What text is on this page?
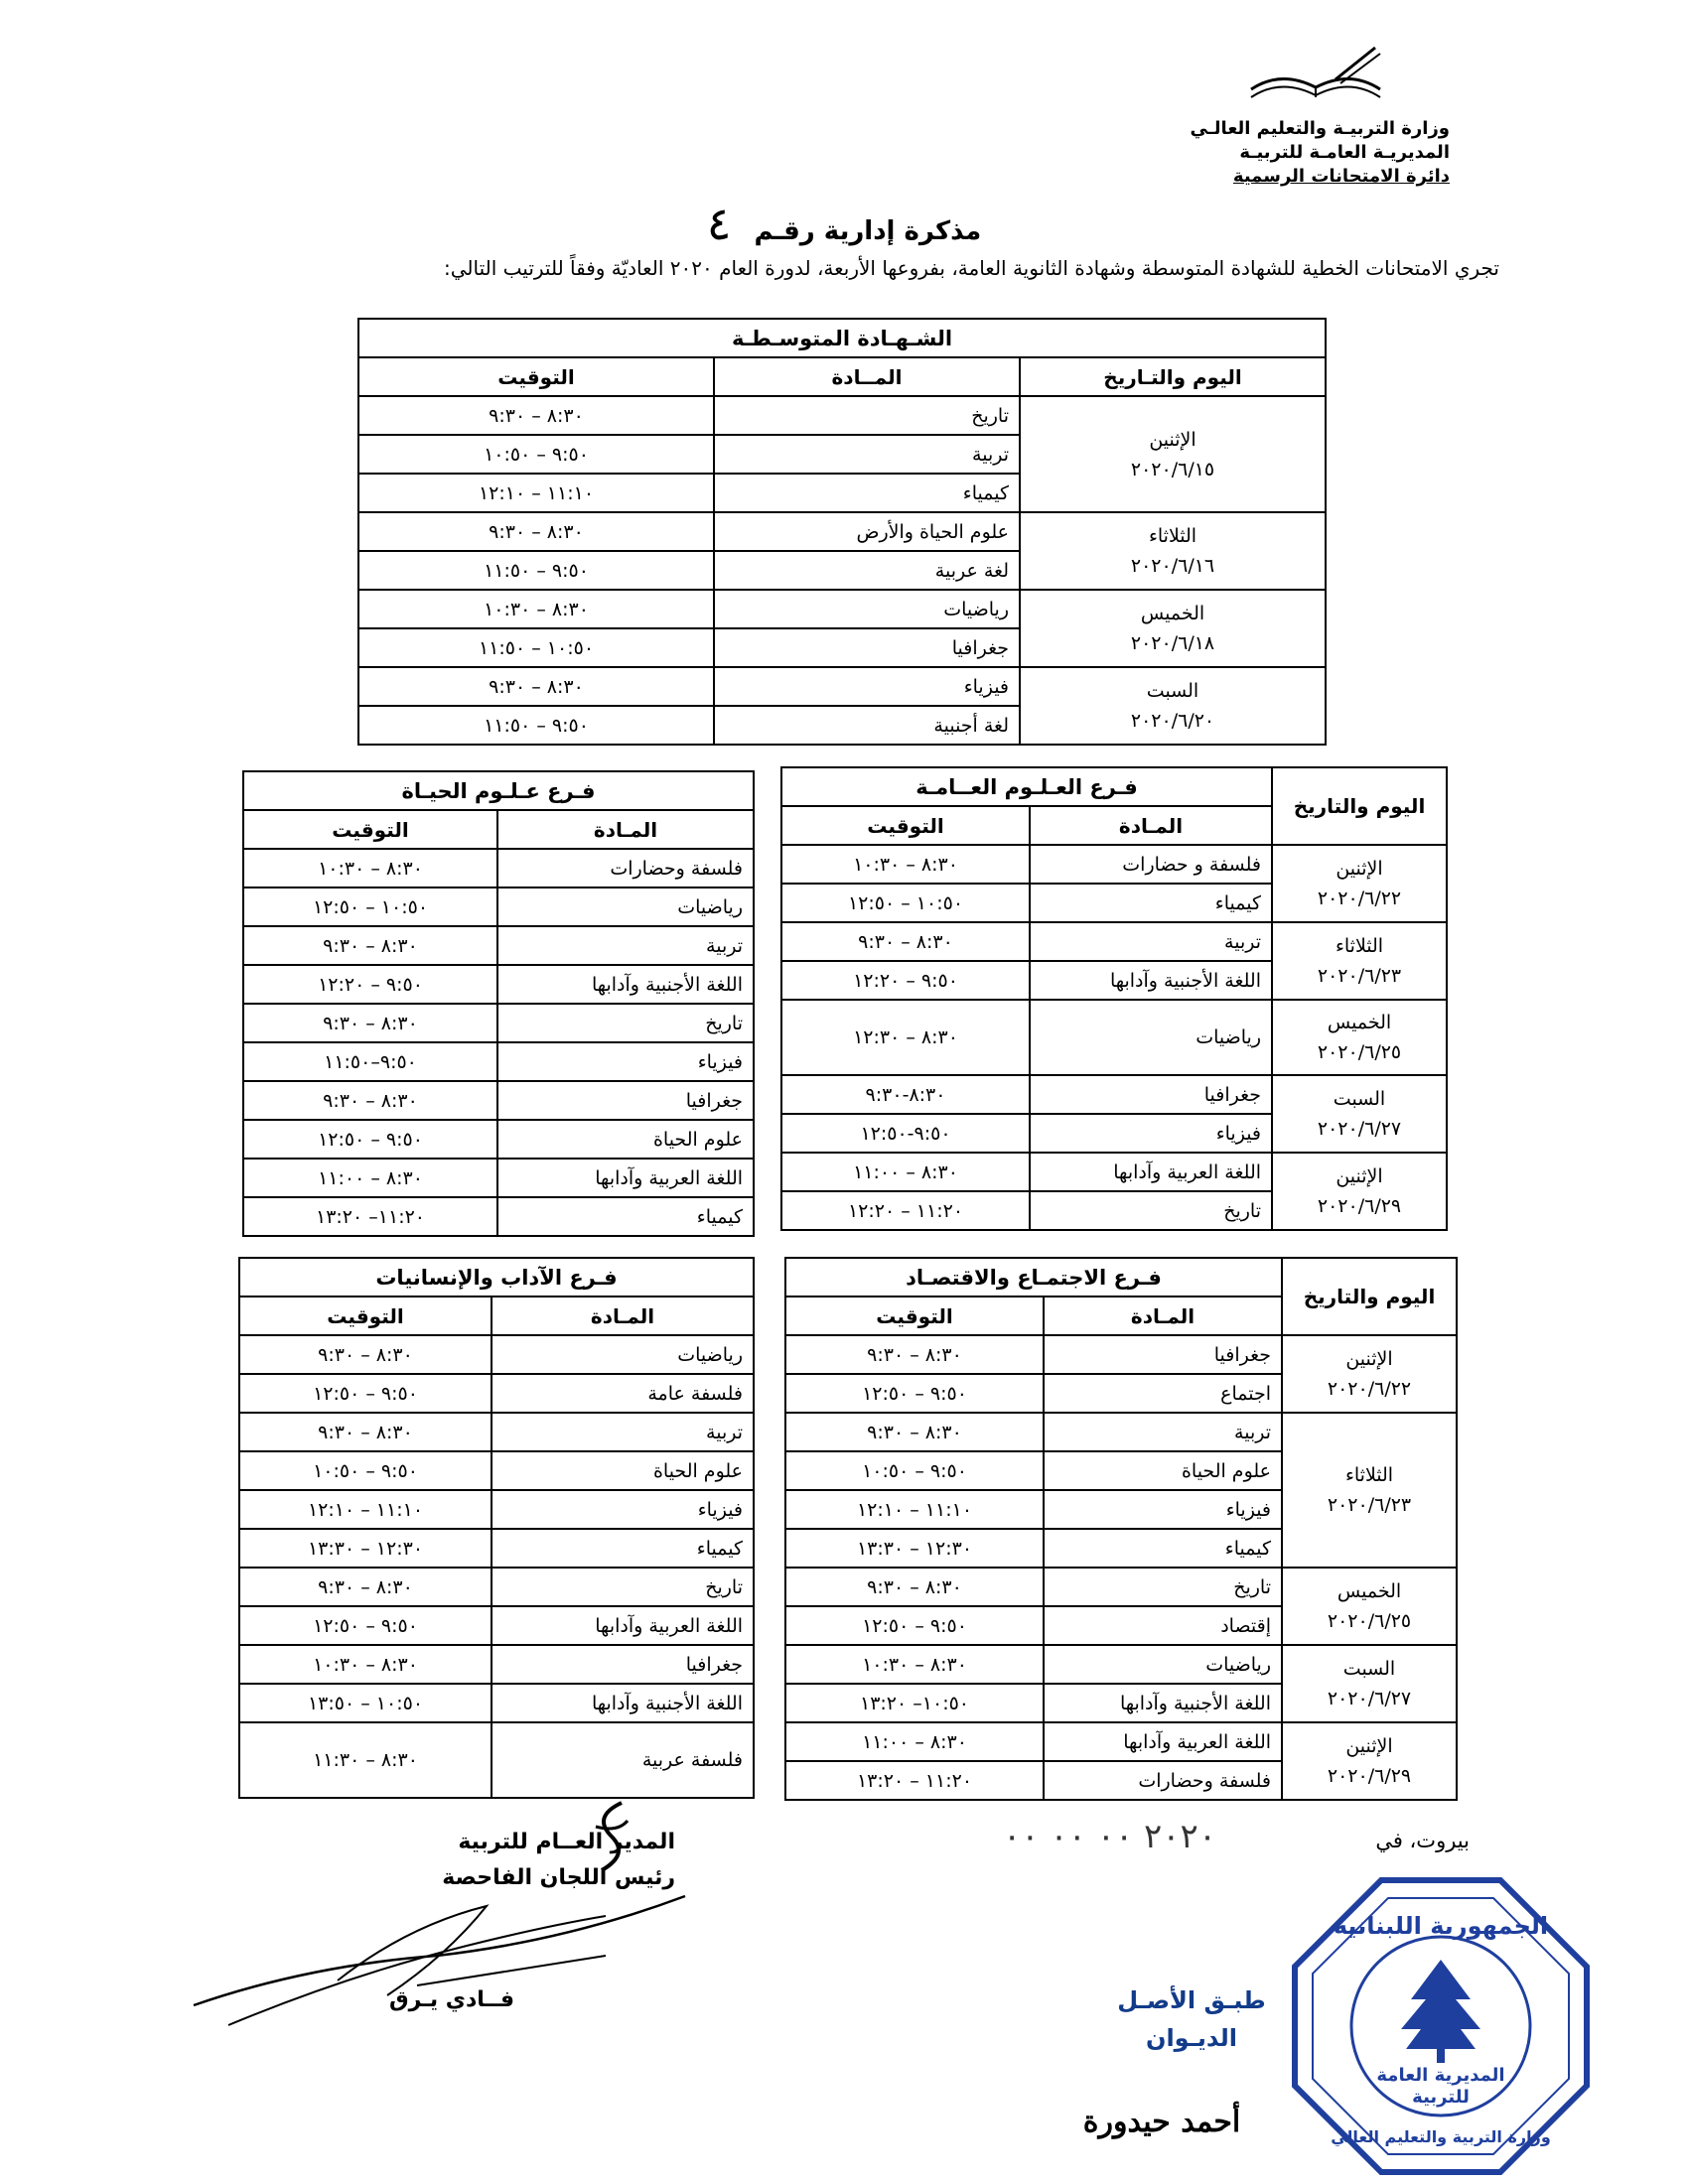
وزارة التربيـة والتعليم العالـي
المديريـة العامـة للتربيـة
دائرة الامتحانات الرسمية
مذكرة إدارية رقـم ٤
تجري الامتحانات الخطية للشهادة المتوسطة وشهادة الثانوية العامة، بفروعها الأربعة، لدورة العام ٢٠٢٠ العاديّة وفقاً للترتيب التالي:
الشـهـادة المتوسـطـة		
اليوم والتـاريخ	المــادة	التوقيت

الإثنين
٢٠٢٠/٦/١٥	تاريخ	٨:٣٠ – ٩:٣٠
	تربية	٩:٥٠ – ١٠:٥٠
	كيمياء	١١:١٠ – ١٢:١٠

الثلاثاء
٢٠٢٠/٦/١٦	علوم الحياة والأرض	٨:٣٠ – ٩:٣٠
	لغة عربية	٩:٥٠ – ١١:٥٠

الخميس
٢٠٢٠/٦/١٨	رياضيات	٨:٣٠ – ١٠:٣٠
	جغرافيا	١٠:٥٠ – ١١:٥٠

السبت
٢٠٢٠/٦/٢٠	فيزياء	٨:٣٠ – ٩:٣٠
	لغة أجنبية	٩:٥٠ – ١١:٥٠
اليوم والتاريخ	فـرع العـلـوم العــامـة	
	المـادة	التوقيت

الإثنين
٢٠٢٠/٦/٢٢	فلسفة و حضارات	٨:٣٠ – ١٠:٣٠
	كيمياء	١٠:٥٠ – ١٢:٥٠

الثلاثاء
٢٠٢٠/٦/٢٣	تربية	٨:٣٠ – ٩:٣٠
	اللغة الأجنبية وآدابها	٩:٥٠ – ١٢:٢٠

الخميس
٢٠٢٠/٦/٢٥	رياضيات	٨:٣٠ – ١٢:٣٠

السبت
٢٠٢٠/٦/٢٧	جغرافيا	٨:٣٠-٩:٣٠
	فيزياء	٩:٥٠-١٢:٥٠

الإثنين
٢٠٢٠/٦/٢٩	اللغة العربية وآدابها	٨:٣٠ – ١١:٠٠
	تاريخ	١١:٢٠ – ١٢:٢٠
فـرع عـلـوم الحيـاة	
المـادة	التوقيت
فلسفة وحضارات	٨:٣٠ – ١٠:٣٠
رياضيات	١٠:٥٠ – ١٢:٥٠
تربية	٨:٣٠ – ٩:٣٠
اللغة الأجنبية وآدابها	٩:٥٠ – ١٢:٢٠
تاريخ	٨:٣٠ – ٩:٣٠
فيزياء	٩:٥٠–١١:٥٠
جغرافيا	٨:٣٠ – ٩:٣٠
علوم الحياة	٩:٥٠ – ١٢:٥٠
اللغة العربية وآدابها	٨:٣٠ – ١١:٠٠
كيمياء	١١:٢٠– ١٣:٢٠
اليوم والتاريخ	فـرع الاجتمـاع والاقتصـاد	
	المـادة	التوقيت

الإثنين
٢٠٢٠/٦/٢٢	جغرافيا	٨:٣٠ – ٩:٣٠
	اجتماع	٩:٥٠ – ١٢:٥٠

الثلاثاء
٢٠٢٠/٦/٢٣	تربية	٨:٣٠ – ٩:٣٠
	علوم الحياة	٩:٥٠ – ١٠:٥٠
	فيزياء	١١:١٠ – ١٢:١٠
	كيمياء	١٢:٣٠ – ١٣:٣٠

الخميس
٢٠٢٠/٦/٢٥	تاريخ	٨:٣٠ – ٩:٣٠
	إقتصاد	٩:٥٠ – ١٢:٥٠

السبت
٢٠٢٠/٦/٢٧	رياضيات	٨:٣٠ – ١٠:٣٠
	اللغة الأجنبية وآدابها	١٠:٥٠– ١٣:٢٠

الإثنين
٢٠٢٠/٦/٢٩	اللغة العربية وآدابها	٨:٣٠ – ١١:٠٠
	فلسفة وحضارات	١١:٢٠ – ١٣:٢٠
فـرع الآداب والإنسانيات	
المـادة	التوقيت
رياضيات	٨:٣٠ – ٩:٣٠
فلسفة عامة	٩:٥٠ – ١٢:٥٠
تربية	٨:٣٠ – ٩:٣٠
علوم الحياة	٩:٥٠ – ١٠:٥٠
فيزياء	١١:١٠ – ١٢:١٠
كيمياء	١٢:٣٠ – ١٣:٣٠
تاريخ	٨:٣٠ – ٩:٣٠
اللغة العربية وآدابها	٩:٥٠ – ١٢:٥٠
جغرافيا	٨:٣٠ – ١٠:٣٠
اللغة الأجنبية وآدابها	١٠:٥٠ – ١٣:٥٠
فلسفة عربية	٨:٣٠ – ١١:٣٠
بيروت، في
٢٠٢٠ ٠٠ ٠٠ ٠٠
المدير العــام للتربية
رئيس اللجان الفاحصة
فــادي يـرق	طبـق الأصـل
الديـوان
الجمهورية اللبنانية
المديرية العامة
للتربية
وزارة التربية والتعليم العالي
أحمد حيدورة
